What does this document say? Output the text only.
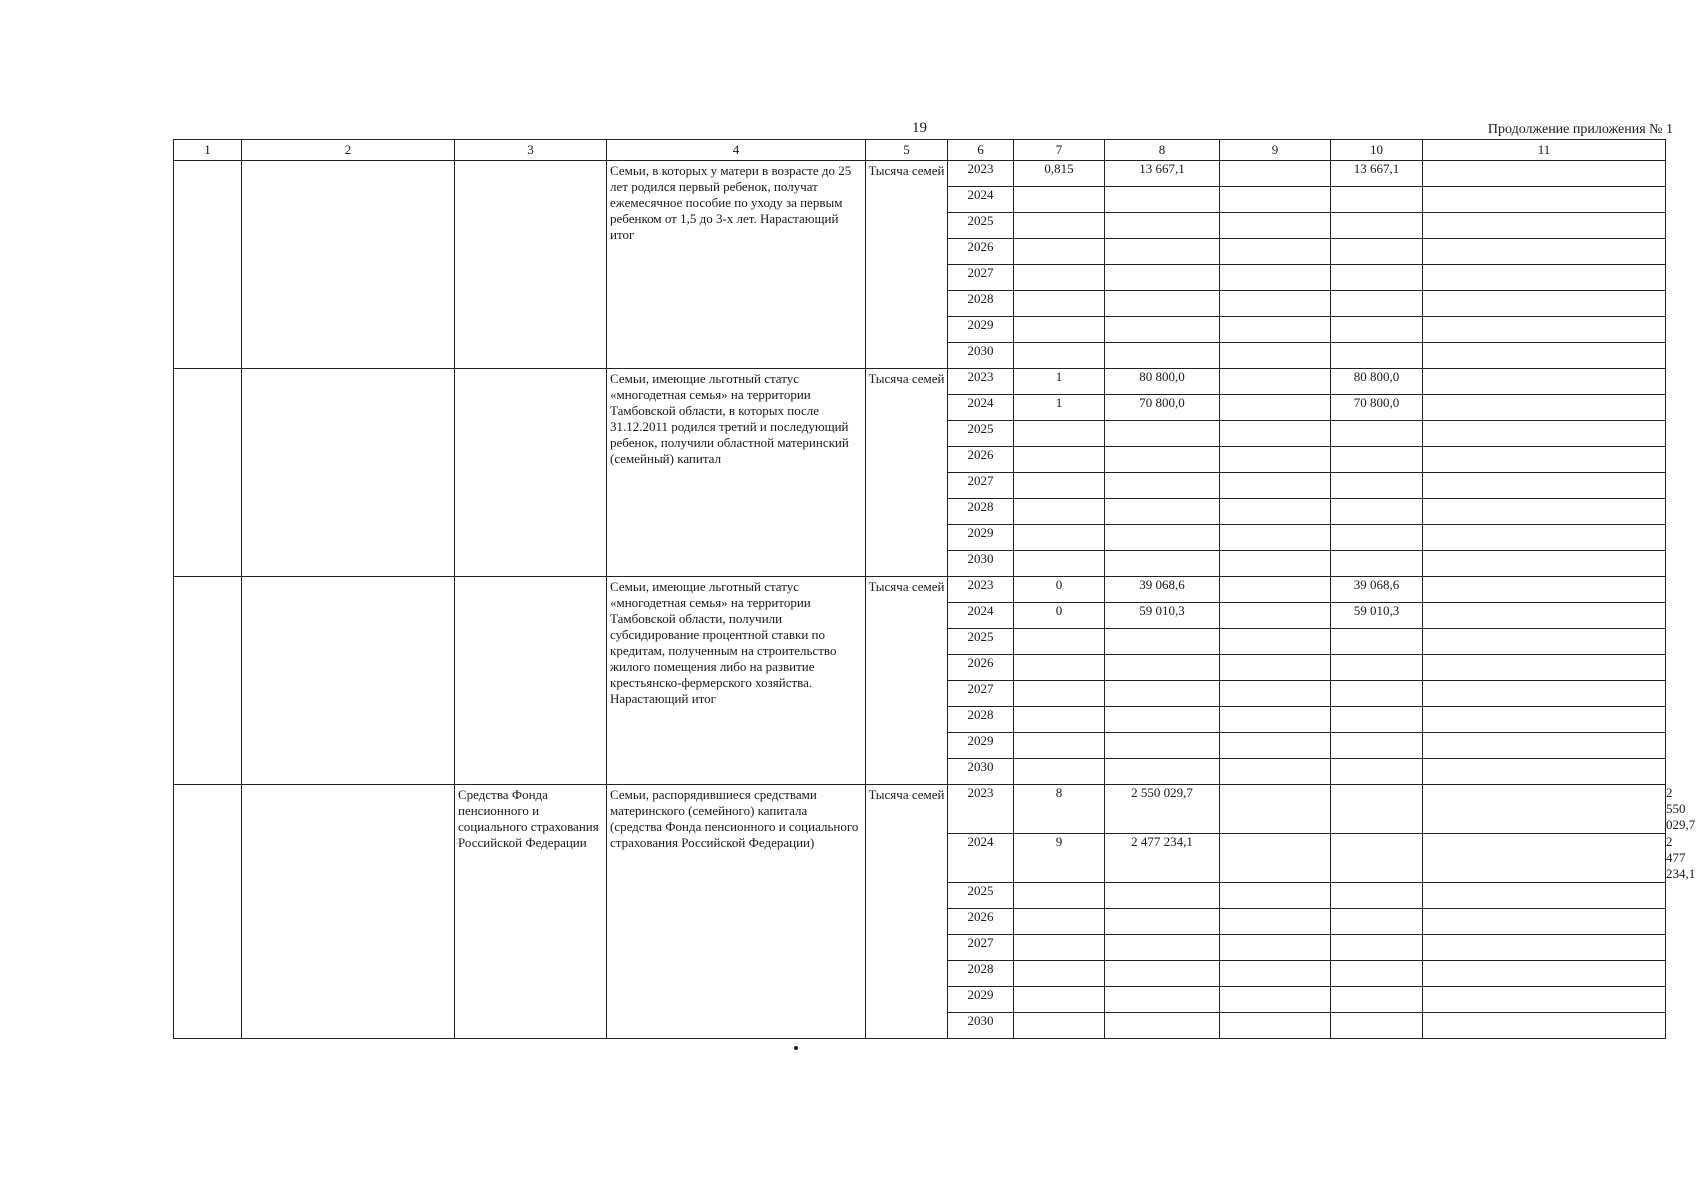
19	Продолжение приложения № 1
1	2	3	4	5	6	7	8	9	10	11	
			Семьи, в которых у матери в возрасте до 25 лет родился первый ребенок, получат ежемесячное пособие по уходу за первым ребенком от 1,5 до 3-х лет. Нарастающий итог	Тысяча семей	2023	0,815	13 667,1		13 667,1		
					2024						
					2025						
					2026						
					2027						
					2028						
					2029						
					2030						
			Семьи, имеющие льготный статус «многодетная семья» на территории Тамбовской области, в которых после 31.12.2011 родился третий и последующий ребенок, получили областной материнский (семейный) капитал	Тысяча семей	2023	1	80 800,0		80 800,0		
					2024	1	70 800,0		70 800,0		
					2025						
					2026						
					2027						
					2028						
					2029						
					2030						
			Семьи, имеющие льготный статус «многодетная семья» на территории Тамбовской области, получили субсидирование процентной ставки по кредитам, полученным на строительство жилого помещения либо на развитие крестьянско-фермерского хозяйства. Нарастающий итог	Тысяча семей	2023	0	39 068,6		39 068,6		
					2024	0	59 010,3		59 010,3		
					2025						
					2026						
					2027						
					2028						
					2029						
					2030						
		Средства Фонда пенсионного и социального страхования Российской Федерации	Семьи, распорядившиеся средствами материнского (семейного) капитала (средства Фонда пенсионного и социального страхования Российской Федерации)	Тысяча семей	2023	8	2 550 029,7				2 550 029,7
					2024	9	2 477 234,1				2 477 234,1
					2025						
					2026						
					2027						
					2028						
					2029						
					2030						
